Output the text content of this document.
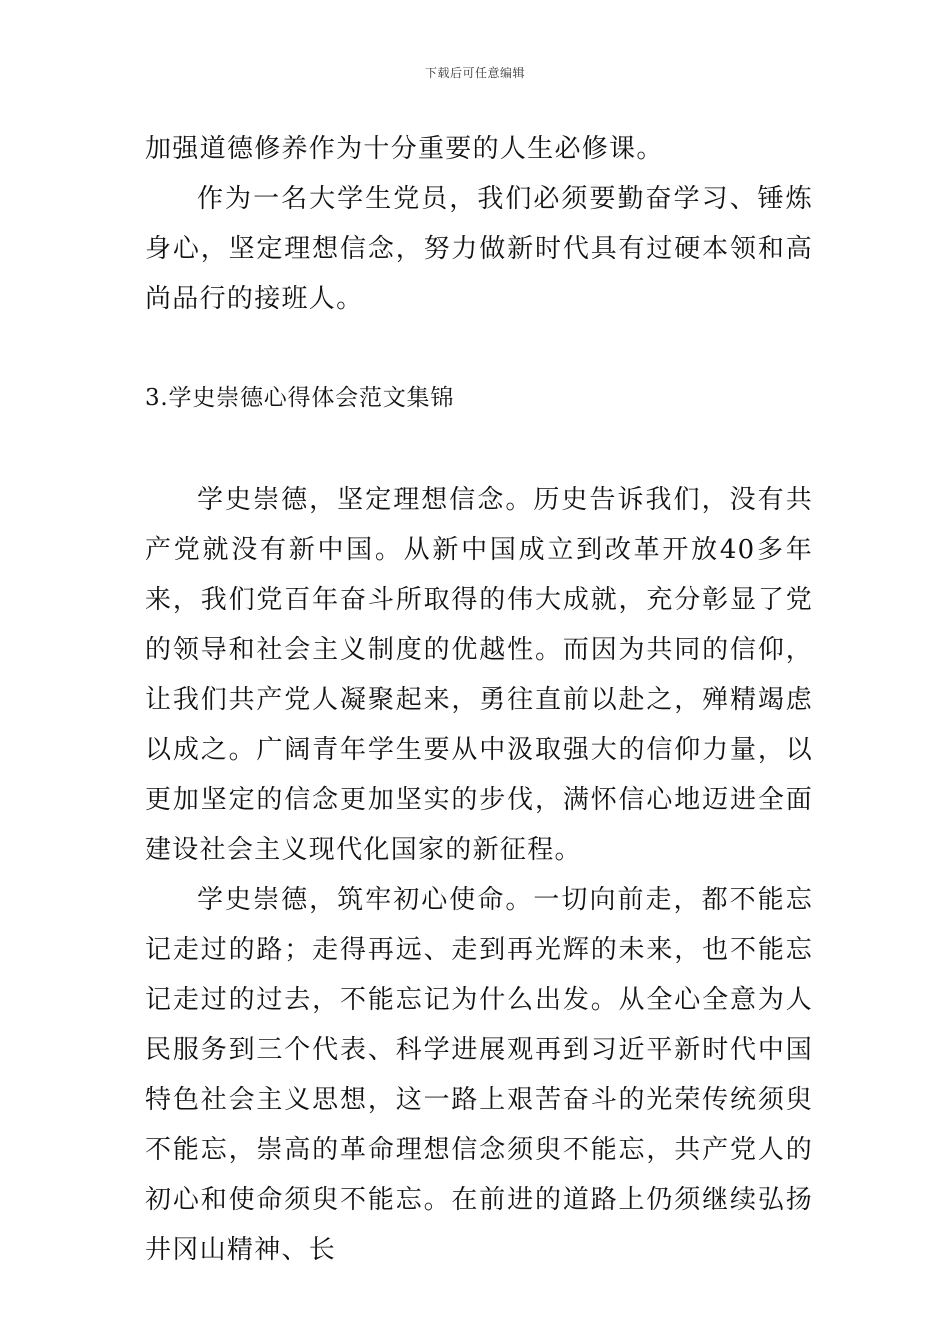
下载后可任意编辑

加强道德修养作为十分重要的人生必修课。

作为一名大学生党员，我们必须要勤奋学习、锤炼身心，坚定理想信念，努力做新时代具有过硬本领和高尚品行的接班人。

3.学史崇德心得体会范文集锦

学史崇德，坚定理想信念。历史告诉我们，没有共产党就没有新中国。从新中国成立到改革开放40多年来，我们党百年奋斗所取得的伟大成就，充分彰显了党的领导和社会主义制度的优越性。而因为共同的信仰，让我们共产党人凝聚起来，勇往直前以赴之，殚精竭虑以成之。广阔青年学生要从中汲取强大的信仰力量，以更加坚定的信念更加坚实的步伐，满怀信心地迈进全面建设社会主义现代化国家的新征程。

学史崇德，筑牢初心使命。一切向前走，都不能忘记走过的路；走得再远、走到再光辉的未来，也不能忘记走过的过去，不能忘记为什么出发。从全心全意为人民服务到三个代表、科学进展观再到习近平新时代中国特色社会主义思想，这一路上艰苦奋斗的光荣传统须臾不能忘，崇高的革命理想信念须臾不能忘，共产党人的初心和使命须臾不能忘。在前进的道路上仍须继续弘扬井冈山精神、长
